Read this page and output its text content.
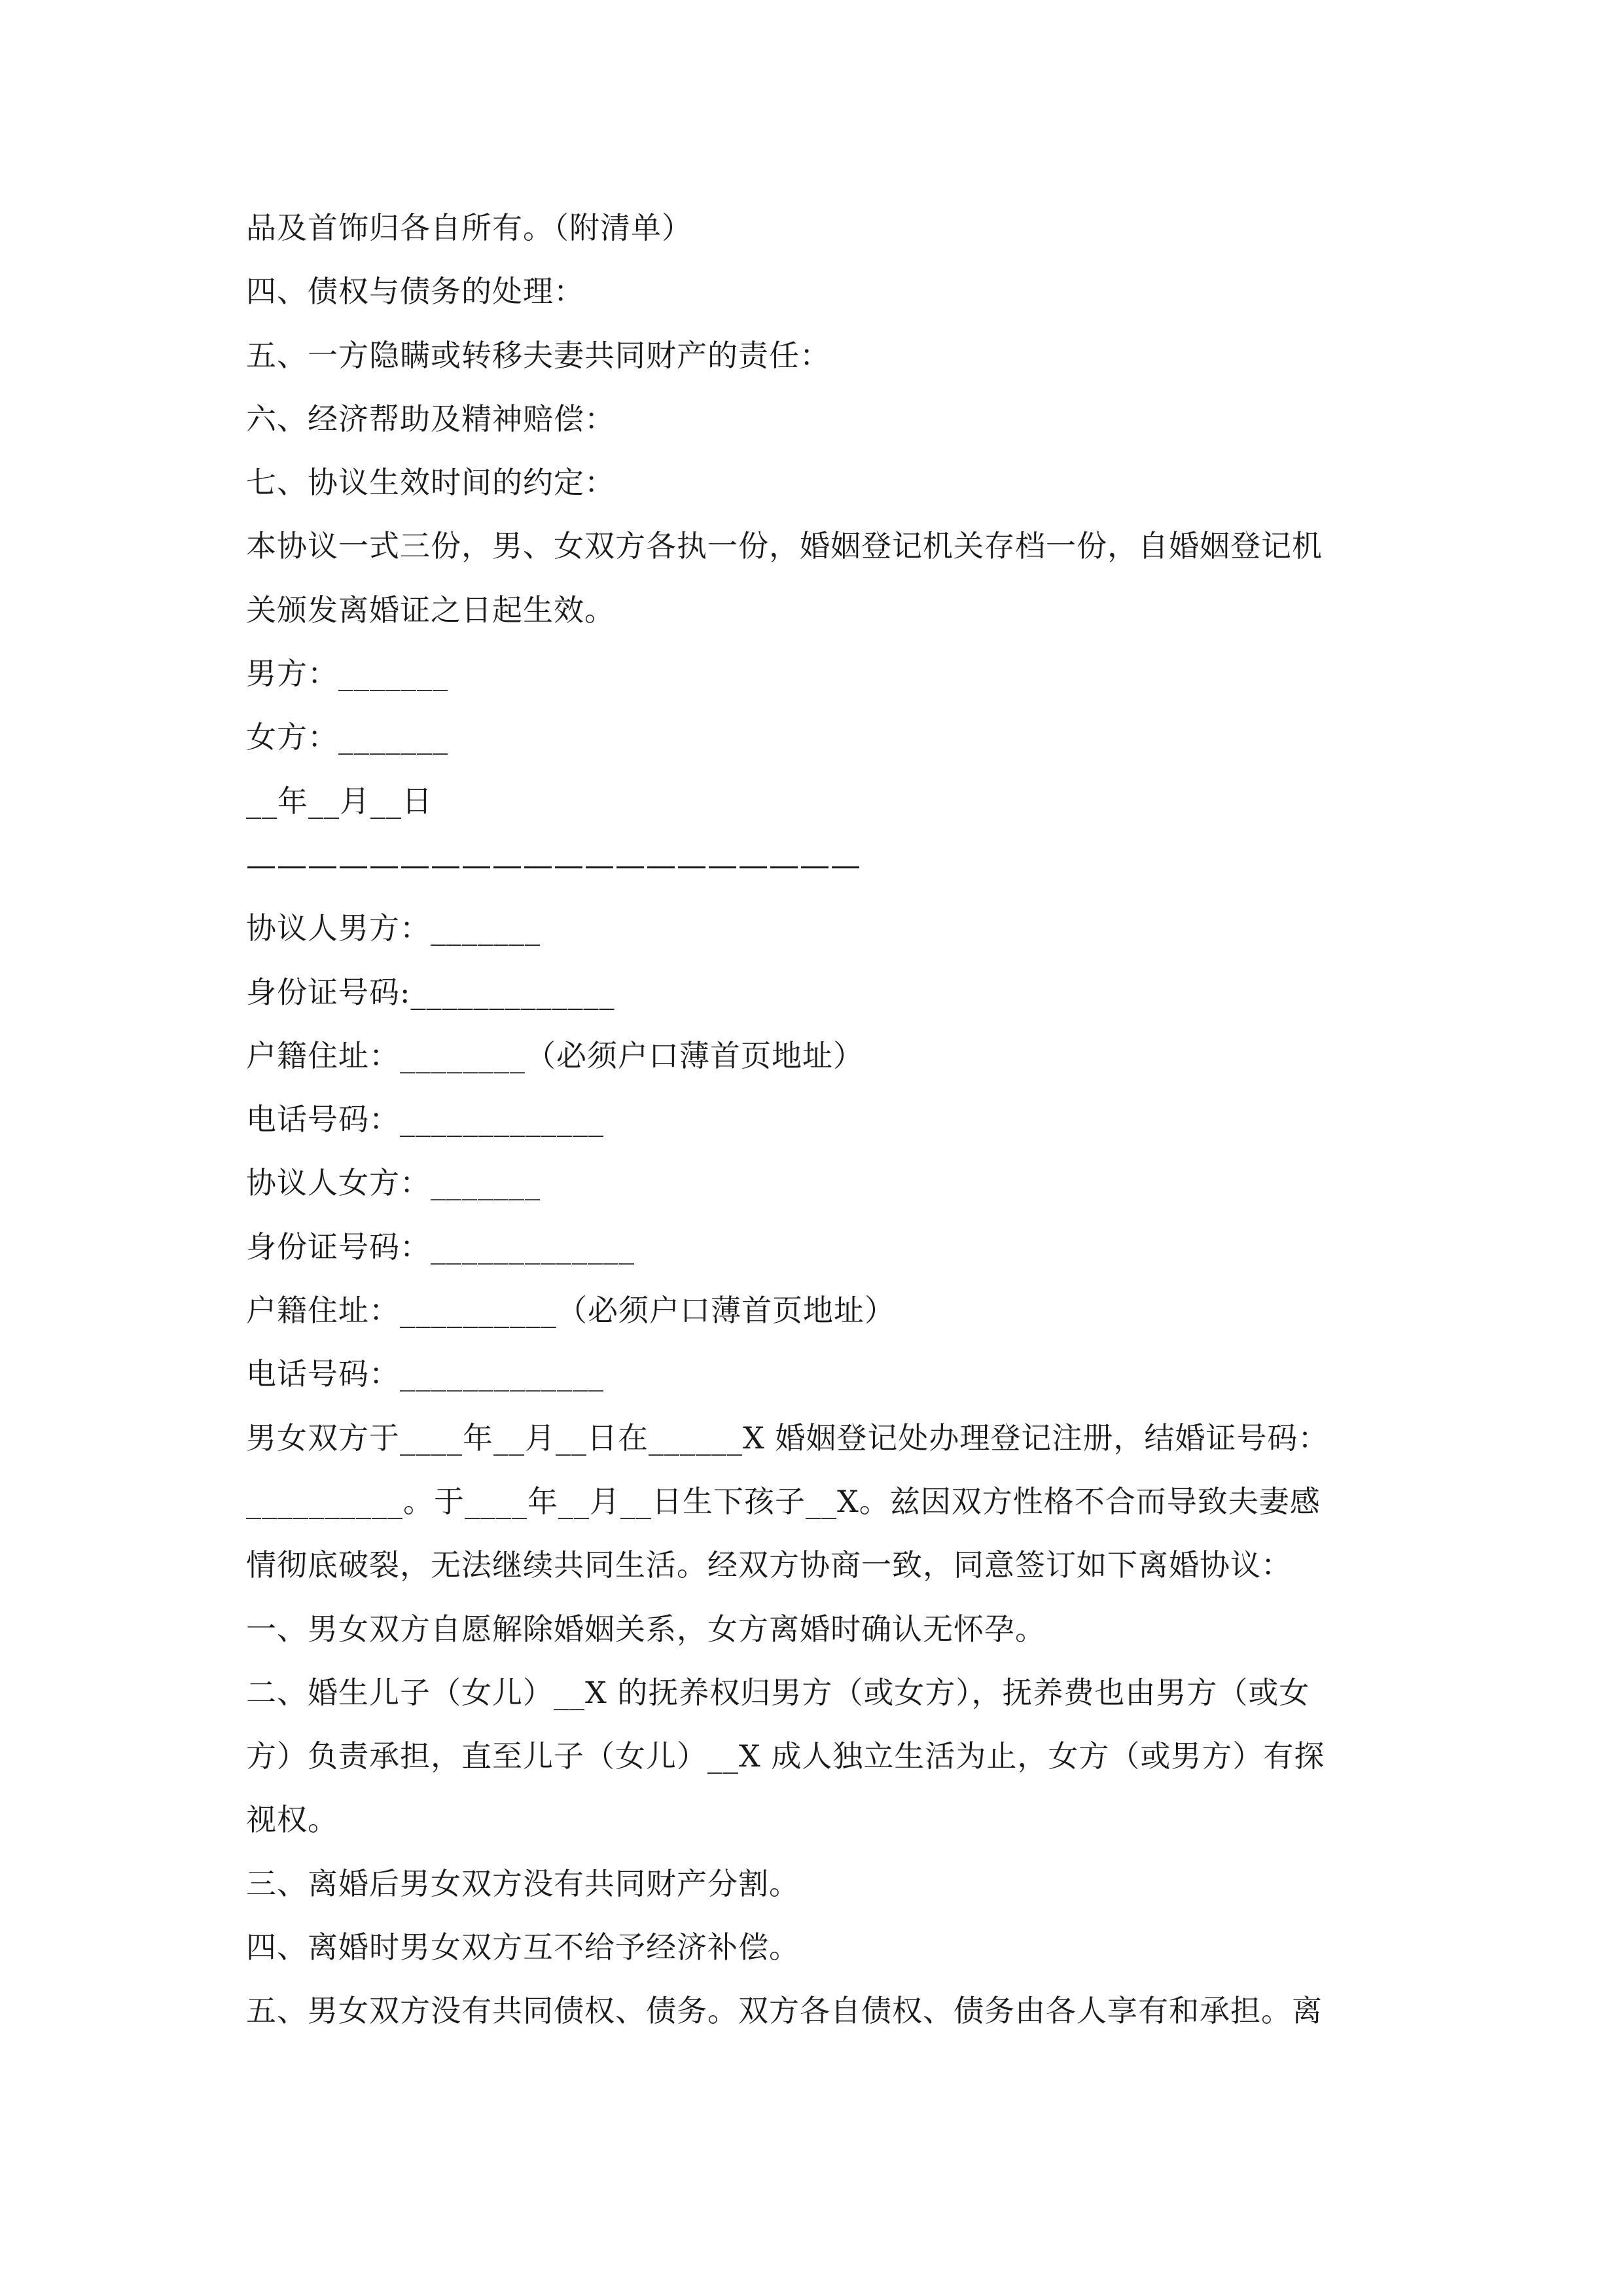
品及首饰归各自所有。（附清单）
四、债权与债务的处理：
五、一方隐瞒或转移夫妻共同财产的责任：
六、经济帮助及精神赔偿：
七、协议生效时间的约定：
本协议一式三份，男、女双方各执一份，婚姻登记机关存档一份，自婚姻登记机
关颁发离婚证之日起生效。
男方：_______
女方：_______
__年__月__日
————————————————————
协议人男方：_______
身份证号码:_____________
户籍住址：________（必须户口薄首页地址）
电话号码：_____________
协议人女方：_______
身份证号码：_____________
户籍住址：__________（必须户口薄首页地址）
电话号码：_____________
男女双方于____年__月__日在______X 婚姻登记处办理登记注册，结婚证号码：
__________。于____年__月__日生下孩子__X。兹因双方性格不合而导致夫妻感
情彻底破裂，无法继续共同生活。经双方协商一致，同意签订如下离婚协议：
一、男女双方自愿解除婚姻关系，女方离婚时确认无怀孕。
二、婚生儿子（女儿）__X 的抚养权归男方（或女方），抚养费也由男方（或女
方）负责承担，直至儿子（女儿）__X 成人独立生活为止，女方（或男方）有探
视权。
三、离婚后男女双方没有共同财产分割。
四、离婚时男女双方互不给予经济补偿。
五、男女双方没有共同债权、债务。双方各自债权、债务由各人享有和承担。离
